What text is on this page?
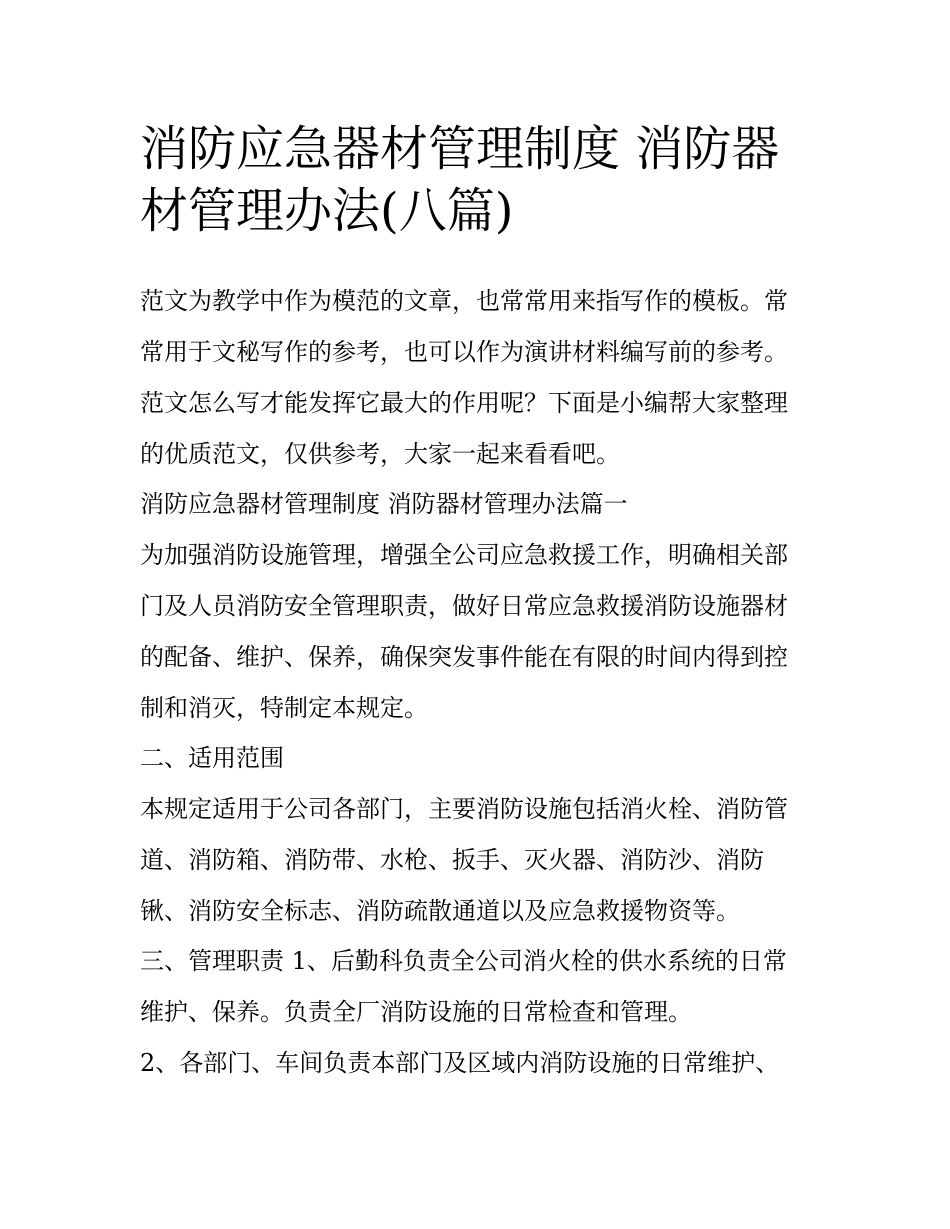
消防应急器材管理制度 消防器
材管理办法(八篇)

范文为教学中作为模范的文章，也常常用来指写作的模板。常

常用于文秘写作的参考，也可以作为演讲材料编写前的参考。

范文怎么写才能发挥它最大的作用呢？下面是小编帮大家整理

的优质范文，仅供参考，大家一起来看看吧。

消防应急器材管理制度 消防器材管理办法篇一

为加强消防设施管理，增强全公司应急救援工作，明确相关部

门及人员消防安全管理职责，做好日常应急救援消防设施器材

的配备、维护、保养，确保突发事件能在有限的时间内得到控

制和消灭，特制定本规定。

二、适用范围

本规定适用于公司各部门，主要消防设施包括消火栓、消防管

道、消防箱、消防带、水枪、扳手、灭火器、消防沙、消防

锹、消防安全标志、消防疏散通道以及应急救援物资等。

三、管理职责 1、后勤科负责全公司消火栓的供水系统的日常

维护、保养。负责全厂消防设施的日常检查和管理。

2、各部门、车间负责本部门及区域内消防设施的日常维护、
